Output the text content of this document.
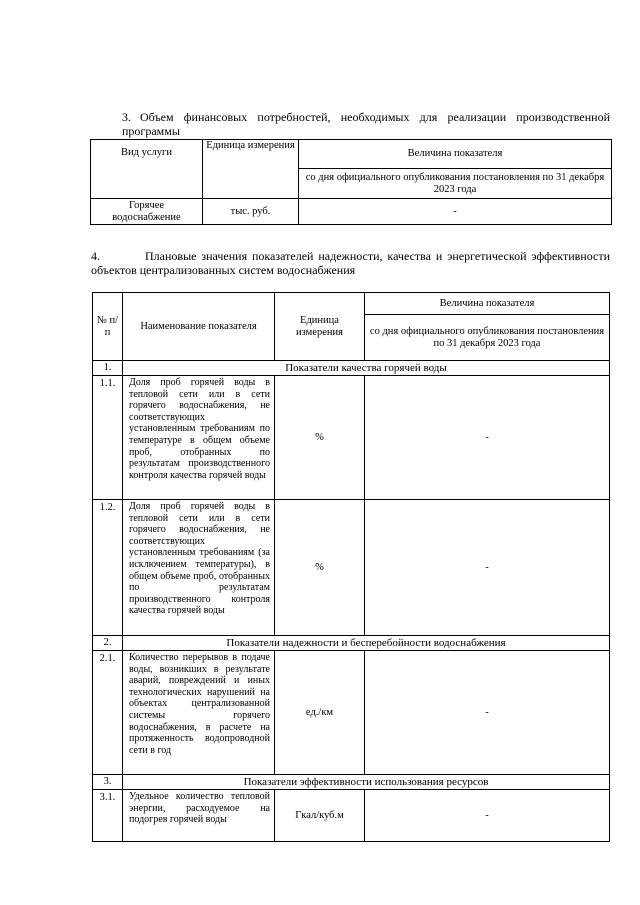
3. Объем финансовых потребностей, необходимых для реализации производственной программы
Вид услуги	Единица измерения	Величина показателя
		со дня официального опубликования постановления по 31 декабря 2023 года
Горячее водоснабжение	тыс. руб.	-
4.	Плановые значения показателей надежности, качества и энергетической эффективности объектов централизованных систем водоснабжения
№ п/п	Наименование показателя	Единица измерения	Величина показателя

			со дня официального опубликования постановления
по 31 декабря 2023 года

1.	Показатели качества горячей воды		
1.1.	Доля проб горячей воды в тепловой сети или в сети горячего водоснабжения, не соответствующих установленным требованиям по температуре в общем объеме проб, отобранных по результатам производственного контроля качества горячей воды	%	-
1.2.	Доля проб горячей воды в тепловой сети или в сети горячего водоснабжения, не соответствующих установленным требованиям (за исключением температуры), в общем объеме проб, отобранных по результатам производственного контроля качества горячей воды	%	-
2.	Показатели надежности и бесперебойности водоснабжения		
2.1.	Количество перерывов в подаче воды, возникших в результате аварий, повреждений и иных технологических нарушений на объектах централизованной системы горячего водоснабжения, в расчете на протяженность водопроводной сети в год	ед./км	-
3.	Показатели эффективности использования ресурсов		
3.1.	Удельное количество тепловой энергии, расходуемое на подогрев горячей воды	Гкал/куб.м	-
